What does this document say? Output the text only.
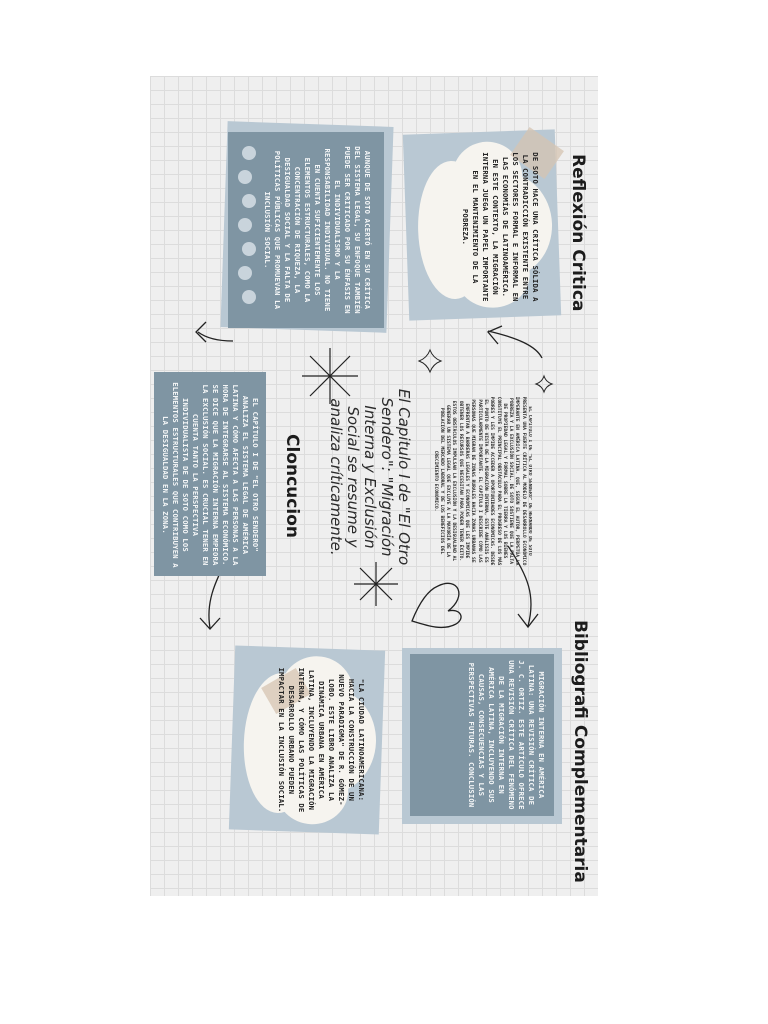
Reflexión Critica
DE SOTO HACE UNA CRÍTICA SÓLIDA A LA CONTRADICCIÓN EXISTENTE ENTRE LOS SECTORES FORMAL E INFORMAL EN LAS ECONOMÍAS DE LATINOAMÉRICA. EN ESTE CONTEXTO, LA MIGRACIÓN INTERNA JUEGA UN PAPEL IMPORTANTE EN EL MANTENIMIENTO DE LA POBREZA.
AUNQUE DE SOTO ACERTÓ EN SU CRÍTICA DEL SISTEMA LEGAL, SU ENFOQUE TAMBIÉN PUEDE SER CRITICADO POR SU ÉNFASIS EN EL INDIVIDUALISMO Y LA RESPONSABILIDAD INDIVIDUAL. NO TIENE EN CUENTA SUFICIENTEMENTE LOS ELEMENTOS ESTRUCTURALES, COMO LA CONCENTRACIÓN DE RIQUEZA, LA DESIGUALDAD SOCIAL Y LA FALTA DE POLÍTICAS PÚBLICAS QUE PROMUEVAN LA INCLUSIÓN SOCIAL.
EL CAPÍTULO I DE "EL OTRO SENDERO" DE HERNANDO DE SOTO PRESENTA UNA FUERTE CRÍTICA AL MODELO DE DESARROLLO ECONÓMICO IMPERANTE EN AMÉRICA LATINA. QUE, SEGÚN EL AUTOR, PERPETÚA LA POBREZA Y LA EXCLUSIÓN SOCIAL. DE SOTO SOSTIENE QUE LA FALTA DE PROPIEDAD LEGAL Y FORMAL SOBRE LA TIERRA Y LOS BIENES CONSTITUYE EL PRINCIPAL OBSTÁCULO PARA EL PROGRESO DE LOS MÁS POBRES Y LES IMPIDE ACCEDER A OPORTUNIDADES ECONÓMICAS. DESDE EL PUNTO DE VISTA DE LA MIGRACIÓN INTERNA, ESTE ANÁLISIS ES PARTICULARMENTE IMPORTANTE. EL CAPÍTULO I DESCRIBE CÓMO LAS PERSONAS QUE MIGRAN DE ZONAS RURALES HACIA ZONAS URBANAS SE ENFRENTAN A BARRERAS LEGALES Y ECONÓMICAS QUE LES IMPIDE OBTENER LOS RECURSOS QUE NECESITAN PARA PODER TENER ÉXITO. ESTOS OBSTÁCULOS IMPULSAN LA EXCLUSIÓN Y LA DESIGUALDAD AL GENERAR UN SISTEMA LEGAL QUE EXCLUYE A LA MAYORÍA DE LA POBLACIÓN DEL MERCADO LABORAL Y DE LOS BENEFICIOS DEL CRECIMIENTO ECONÓMICO.
El Capitulo I de "El Otro Sendero": "Migración Interna y Exclusión Social se resume y analiza críticamente.
Cloncucion
EL CAPÍTULO I DE "EL OTRO SENDERO" ANALIZA EL SISTEMA LEGAL DE AMÉRICA LATINA Y CÓMO AFECTA A LAS PERSONAS A LA HORA DE INTEGRARSE AL SISTEMA ECONÓMICO. SE DICE QUE LA MIGRACIÓN INTERNA EMPEORA LA EXCLUSIÓN SOCIAL. ES CRUCIAL TENER EN CUENTA TANTO LA PERSPECTIVA INDIVIDUALISTA DE DE SOTO COMO LOS ELEMENTOS ESTRUCTURALES QUE CONTRIBUYEN A LA DESIGUALDAD EN LA ZONA.
Bibliografi Complementaria
MIGRACIÓN INTERNA EN AMÉRICA LATINA: UNA REVISIÓN CRÍTICA DE J. C. ORTIZ. ESTE ARTÍCULO OFRECE UNA REVISIÓN CRÍTICA DEL FENÓMENO DE LA MIGRACIÓN INTERNA EN AMÉRICA LATINA, INCLUYENDO SUS CAUSAS, CONSECUENCIAS Y LAS PERSPECTIVAS FUTURAS. CONCLUSIÓN
"LA CIUDAD LATINOAMERICANA: HACIA LA CONSTRUCCIÓN DE UN NUEVO PARADIGMA" DE R. GÓMEZ-LOBO. ESTE LIBRO ANALIZA LA DINÁMICA URBANA EN AMÉRICA LATINA, INCLUYENDO LA MIGRACIÓN INTERNA, Y CÓMO LAS POLÍTICAS DE DESARROLLO URBANO PUEDEN IMPACTAR EN LA INCLUSIÓN SOCIAL.
